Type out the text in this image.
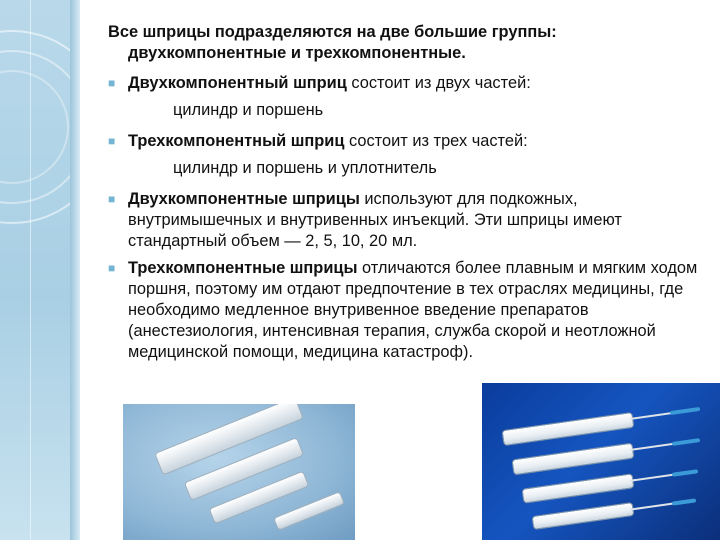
Все шприцы подразделяются на две большие группы:
двухкомпонентные и трехкомпонентные.

■ Двухкомпонентный шприц состоит из двух частей:
цилиндр и поршень
■ Трехкомпонентный шприц состоит из трех частей:
цилиндр и поршень и уплотнитель
■ Двухкомпонентные шприцы используют для подкожных, внутримышечных и внутривенных инъекций. Эти шприцы имеют стандартный объем — 2, 5, 10, 20 мл.
■ Трехкомпонентные шприцы отличаются более плавным и мягким ходом поршня, поэтому им отдают предпочтение в тех отраслях медицины, где необходимо медленное внутривенное введение препаратов (анестезиология, интенсивная терапия, служба скорой и неотложной медицинской помощи, медицина катастроф).
